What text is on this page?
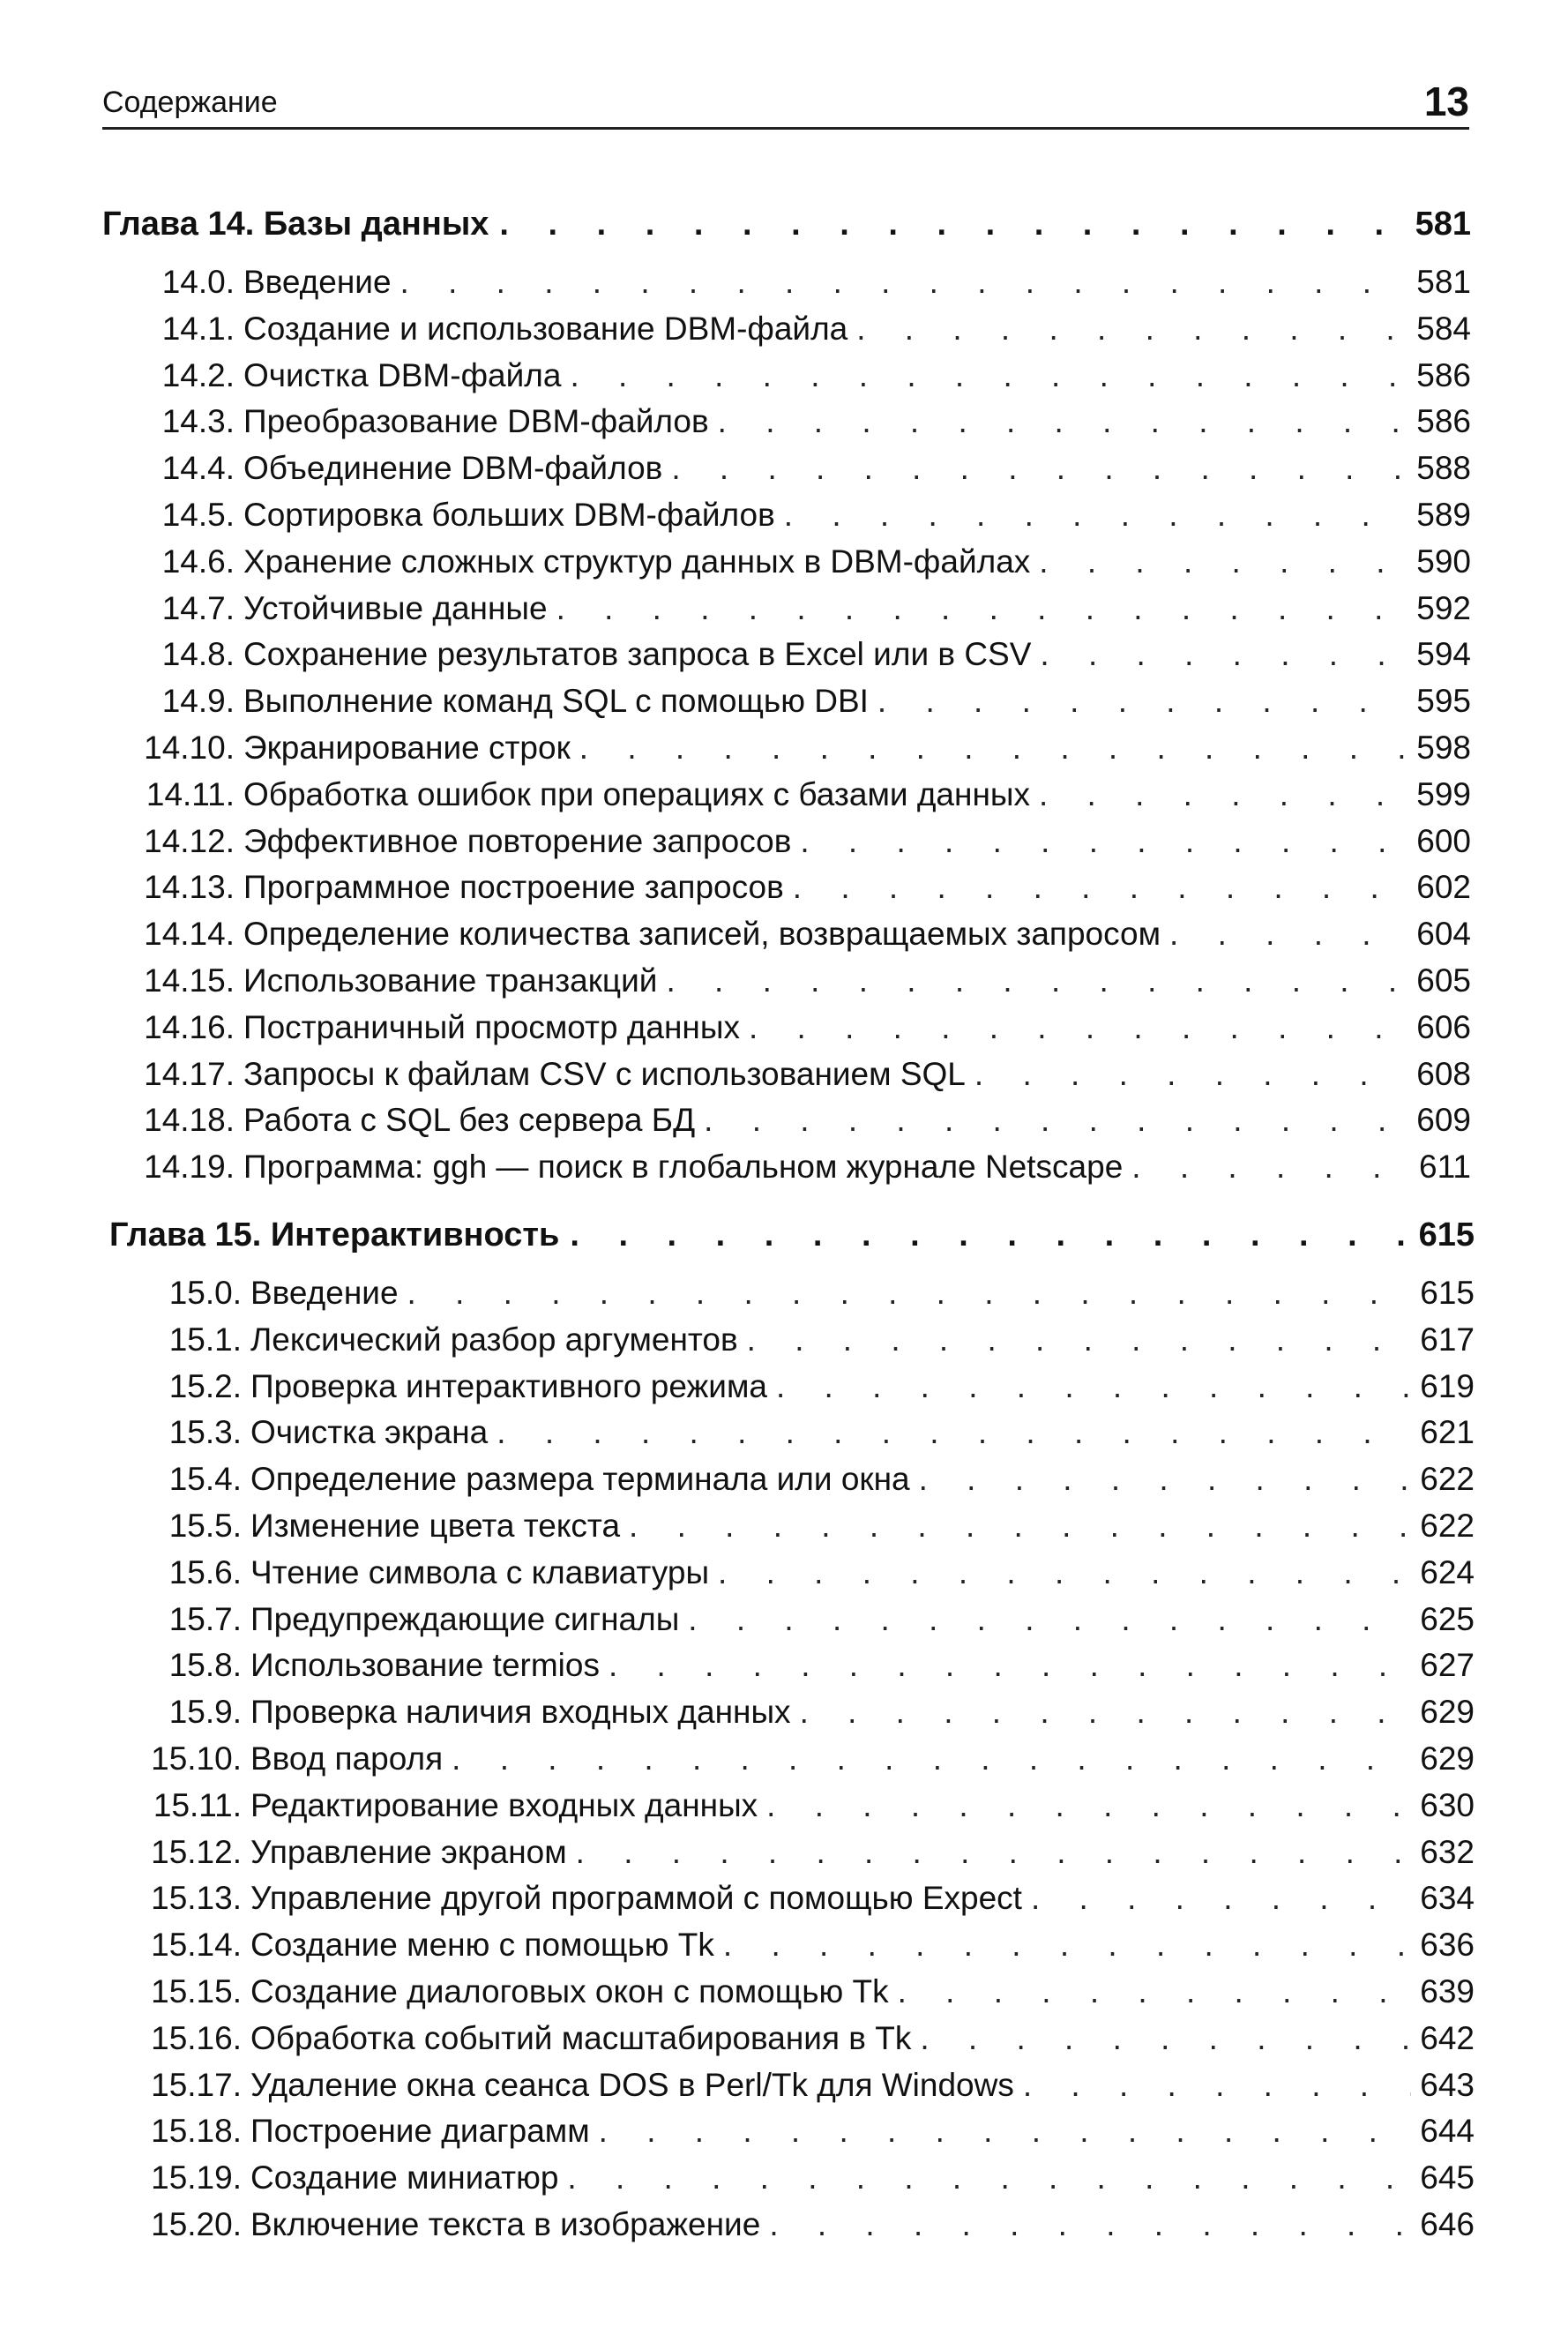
Содержание	13
Глава 14. Базы данных . . .	581
14.0. Введение . . .	581
14.1. Создание и использование DBM-файла . . .	584
14.2. Очистка DBM-файла . . .	586
14.3. Преобразование DBM-файлов . . .	586
14.4. Объединение DBM-файлов . . .	588
14.5. Сортировка больших DBM-файлов . . .	589
14.6. Хранение сложных структур данных в DBM-файлах . . .	590
14.7. Устойчивые данные . . .	592
14.8. Сохранение результатов запроса в Excel или в CSV . . .	594
14.9. Выполнение команд SQL с помощью DBI . . .	595
14.10. Экранирование строк . . .	598
14.11. Обработка ошибок при операциях с базами данных . . .	599
14.12. Эффективное повторение запросов . . .	600
14.13. Программное построение запросов . . .	602
14.14. Определение количества записей, возвращаемых запросом . . .	604
14.15. Использование транзакций . . .	605
14.16. Постраничный просмотр данных . . .	606
14.17. Запросы к файлам CSV с использованием SQL . . .	608
14.18. Работа с SQL без сервера БД . . .	609
14.19. Программа: ggh — поиск в глобальном журнале Netscape . . .	611
Глава 15. Интерактивность . . .	615
15.0. Введение . . .	615
15.1. Лексический разбор аргументов . . .	617
15.2. Проверка интерактивного режима . . .	619
15.3. Очистка экрана . . .	621
15.4. Определение размера терминала или окна . . .	622
15.5. Изменение цвета текста . . .	622
15.6. Чтение символа с клавиатуры . . .	624
15.7. Предупреждающие сигналы . . .	625
15.8. Использование termios . . .	627
15.9. Проверка наличия входных данных . . .	629
15.10. Ввод пароля . . .	629
15.11. Редактирование входных данных . . .	630
15.12. Управление экраном . . .	632
15.13. Управление другой программой с помощью Expect . . .	634
15.14. Создание меню с помощью Tk . . .	636
15.15. Создание диалоговых окон с помощью Tk . . .	639
15.16. Обработка событий масштабирования в Tk . . .	642
15.17. Удаление окна сеанса DOS в Perl/Tk для Windows . . .	643
15.18. Построение диаграмм . . .	644
15.19. Создание миниатюр . . .	645
15.20. Включение текста в изображение . . .	646
